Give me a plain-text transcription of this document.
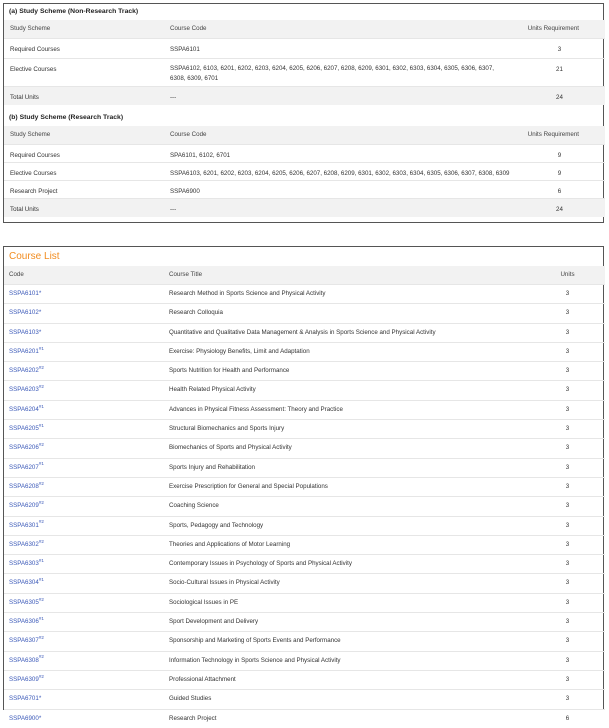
(a) Study Scheme (Non-Research Track)
Study Scheme	Course Code	Units Requirement
Required Courses	SSPA6101	3
Elective Courses	SSPA6102, 6103, 6201, 6202, 6203, 6204, 6205, 6206, 6207, 6208, 6209, 6301, 6302, 6303, 6304, 6305, 6306, 6307, 6308, 6309, 6701	21
Total Units	---	24
(b) Study Scheme (Research Track)
Study Scheme	Course Code	Units Requirement
Required Courses	SPA6101, 6102, 6701	9
Elective Courses	SSPA6103, 6201, 6202, 6203, 6204, 6205, 6206, 6207, 6208, 6209, 6301, 6302, 6303, 6304, 6305, 6306, 6307, 6308, 6309	9
Research Project	SSPA6900	6
Total Units	---	24
Course List
Code	Course Title	Units
SSPA6101*	Research Method in Sports Science and Physical Activity	3
SSPA6102*	Research Colloquia	3
SSPA6103*	Quantitative and Qualitative Data Management & Analysis in Sports Science and Physical Activity	3
SSPA6201$^{\#1}$	Exercise: Physiology Benefits, Limit and Adaptation	3
SSPA6202$^{\#2}$	Sports Nutrition for Health and Performance	3
SSPA6203$^{\#2}$	Health Related Physical Activity	3
SSPA6204$^{\#1}$	Advances in Physical Fitness Assessment: Theory and Practice	3
SSPA6205$^{\#1}$	Structural Biomechanics and Sports Injury	3
SSPA6206$^{\#2}$	Biomechanics of Sports and Physical Activity	3
SSPA6207$^{\#1}$	Sports Injury and Rehabilitation	3
SSPA6208$^{\#2}$	Exercise Prescription for General and Special Populations	3
SSPA6209$^{\#2}$	Coaching Science	3
SSPA6301$^{\#2}$	Sports, Pedagogy and Technology	3
SSPA6302$^{\#2}$	Theories and Applications of Motor Learning	3
SSPA6303$^{\#1}$	Contemporary Issues in Psychology of Sports and Physical Activity	3
SSPA6304$^{\#1}$	Socio-Cultural Issues in Physical Activity	3
SSPA6305$^{\#2}$	Sociological Issues in PE	3
SSPA6306$^{\#1}$	Sport Development and Delivery	3
SSPA6307$^{\#2}$	Sponsorship and Marketing of Sports Events and Performance	3
SSPA6308$^{\#2}$	Information Technology in Sports Science and Physical Activity	3
SSPA6309$^{\#2}$	Professional Attachment	3
SSPA6701*	Guided Studies	3
SSPA6900*	Research Project	6
